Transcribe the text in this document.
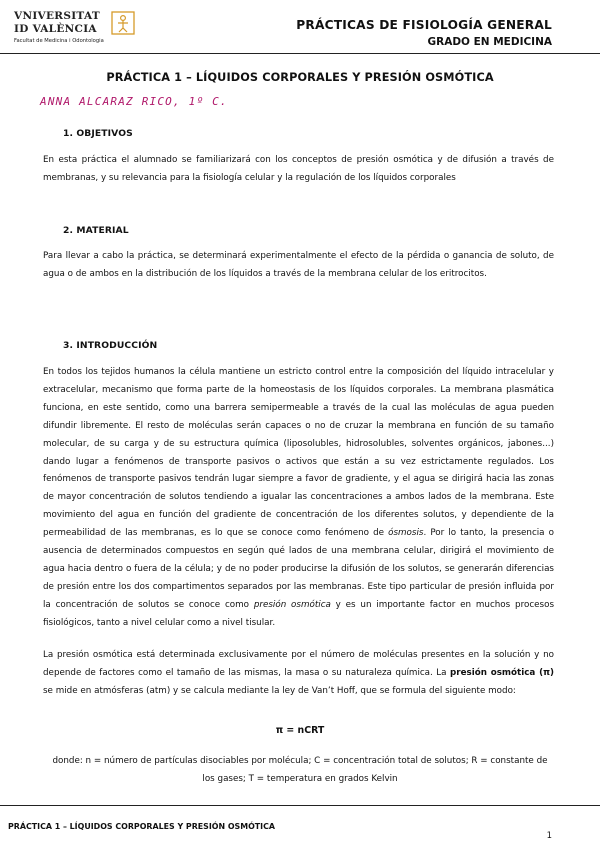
VNIVERSITAT
ID VALÈNCIA
Facultat de Medicina i Odontologia
PRÁCTICAS DE FISIOLOGÍA GENERAL
GRADO EN MEDICINA
PRÁCTICA 1 – LÍQUIDOS CORPORALES Y PRESIÓN OSMÓTICA
ANNA ALCARAZ RICO, 1º C.
1. OBJETIVOS
En esta práctica el alumnado se familiarizará con los conceptos de presión osmótica y de difusión a través de membranas, y su relevancia para la fisiología celular y la regulación de los líquidos corporales
2. MATERIAL
Para llevar a cabo la práctica, se determinará experimentalmente el efecto de la pérdida o ganancia de soluto, de agua o de ambos en la distribución de los líquidos a través de la membrana celular de los eritrocitos.
3. INTRODUCCIÓN
En todos los tejidos humanos la célula mantiene un estricto control entre la composición del líquido intracelular y extracelular, mecanismo que forma parte de la homeostasis de los líquidos corporales. La membrana plasmática funciona, en este sentido, como una barrera semipermeable a través de la cual las moléculas de agua pueden difundir libremente. El resto de moléculas serán capaces o no de cruzar la membrana en función de su tamaño molecular, de su carga y de su estructura química (liposolubles, hidrosolubles, solventes orgánicos, jabones...) dando lugar a fenómenos de transporte pasivos o activos que están a su vez estrictamente regulados. Los fenómenos de transporte pasivos tendrán lugar siempre a favor de gradiente, y el agua se dirigirá hacia las zonas de mayor concentración de solutos tendiendo a igualar las concentraciones a ambos lados de la membrana. Este movimiento del agua en función del gradiente de concentración de los diferentes solutos, y dependiente de la permeabilidad de las membranas, es lo que se conoce como fenómeno de ósmosis. Por lo tanto, la presencia o ausencia de determinados compuestos en según qué lados de una membrana celular, dirigirá el movimiento de agua hacia dentro o fuera de la célula; y de no poder producirse la difusión de los solutos, se generarán diferencias de presión entre los dos compartimentos separados por las membranas. Este tipo particular de presión influida por la concentración de solutos se conoce como presión osmótica y es un importante factor en muchos procesos fisiológicos, tanto a nivel celular como a nivel tisular.
La presión osmótica está determinada exclusivamente por el número de moléculas presentes en la solución y no depende de factores como el tamaño de las mismas, la masa o su naturaleza química. La presión osmótica (π) se mide en atmósferas (atm) y se calcula mediante la ley de Van’t Hoff, que se formula del siguiente modo:
π = nCRT
donde: n = número de partículas disociables por molécula; C = concentración total de solutos; R = constante de los gases; T = temperatura en grados Kelvin
PRÁCTICA 1 – LÍQUIDOS CORPORALES Y PRESIÓN OSMÓTICA
1
